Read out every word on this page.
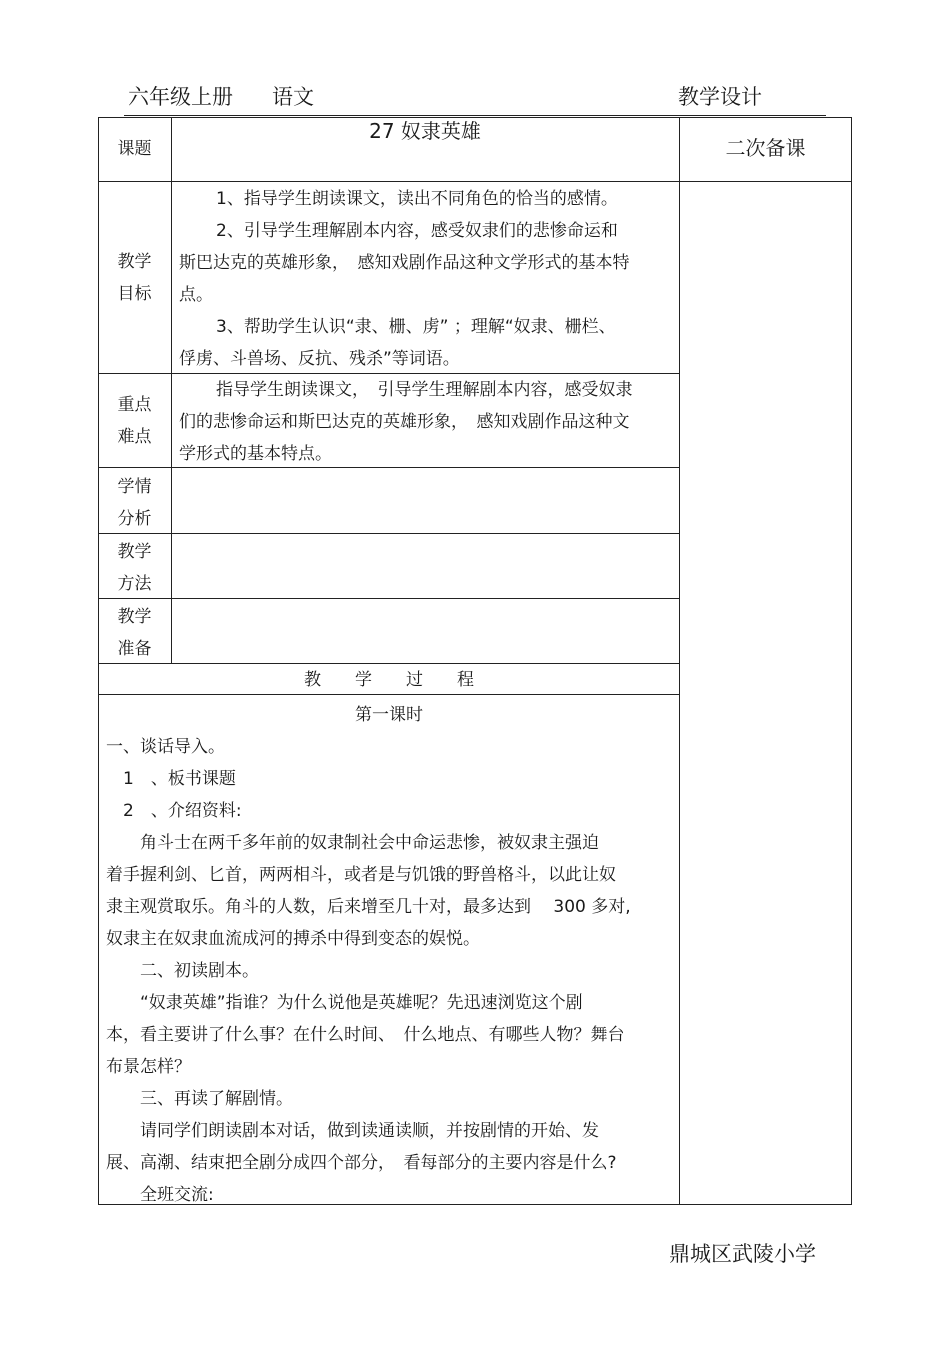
六年级上册 语文	教学设计
课题
27 奴隶英雄
二次备课
教学
目标

1、指导学生朗读课文，读出不同角色的恰当的感情。

2、引导学生理解剧本内容，感受奴隶们的悲惨命运和

斯巴达克的英雄形象，　感知戏剧作品这种文学形式的基本特

点。

3、帮助学生认识“隶、栅、虏” ；理解“奴隶、栅栏、

俘虏、斗兽场、反抗、残杀”等词语。

重点
难点

指导学生朗读课文，　引导学生理解剧本内容，感受奴隶

们的悲惨命运和斯巴达克的英雄形象，　感知戏剧作品这种文

学形式的基本特点。

学情
分析
教学
方法
教学
准备
教　　学　　过　　程
第一课时

一、谈话导入。

　1　、板书课题

　2　、介绍资料:

　　角斗士在两千多年前的奴隶制社会中命运悲惨，被奴隶主强迫

着手握利剑、匕首，两两相斗，或者是与饥饿的野兽格斗，以此让奴

隶主观赏取乐。角斗的人数，后来增至几十对，最多达到　 300 多对,

奴隶主在奴隶血流成河的搏杀中得到变态的娱悦。

　　二、初读剧本。

　　“奴隶英雄”指谁？为什么说他是英雄呢？先迅速浏览这个剧

本，看主要讲了什么事？在什么时间、　什么地点、有哪些人物？舞台

布景怎样？

　　三、再读了解剧情。

　　请同学们朗读剧本对话，做到读通读顺，并按剧情的开始、发

展、高潮、结束把全剧分成四个部分，　看每部分的主要内容是什么?

　　全班交流:

鼎城区武陵小学
